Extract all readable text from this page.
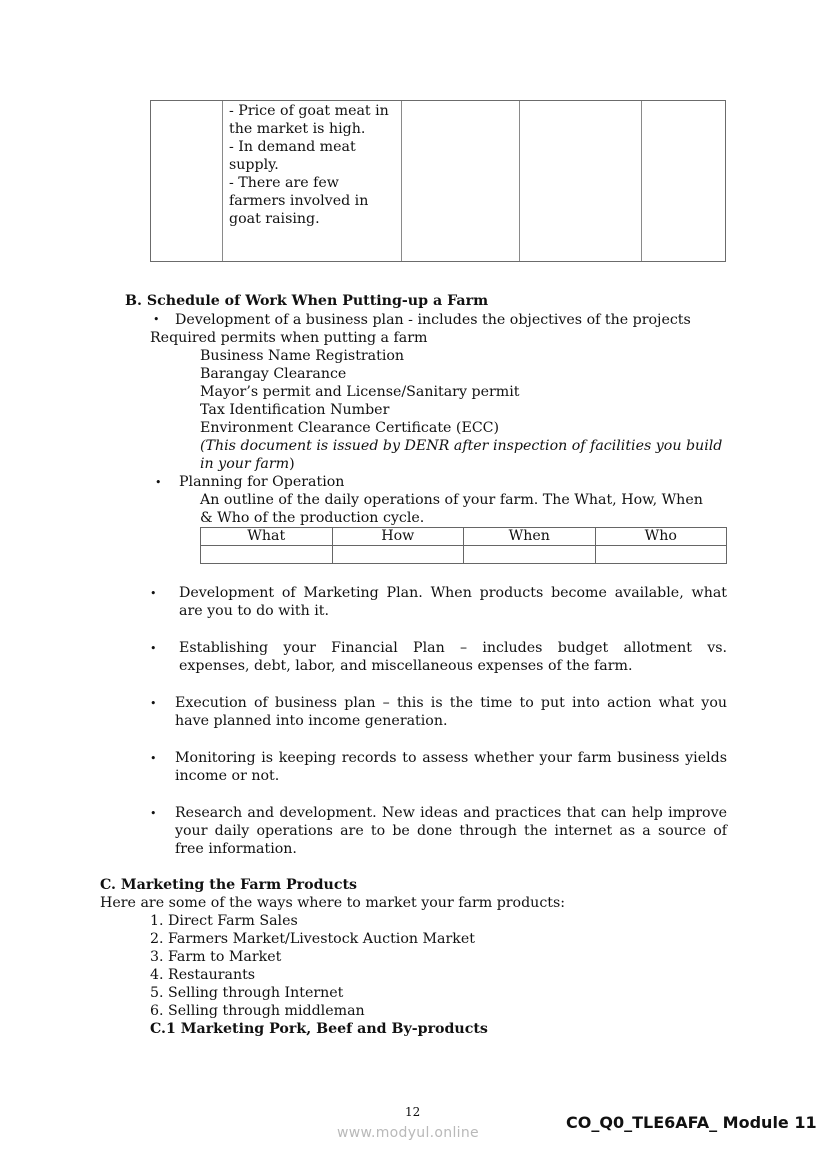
- Price of goat meat in
the market is high.
- In demand meat
supply.
- There are few
farmers involved in
goat raising.
B. Schedule of Work When Putting-up a Farm
• Development of a business plan - includes the objectives of the projects
Required permits when putting a farm
Business Name Registration
Barangay Clearance
Mayor’s permit and License/Sanitary permit
Tax Identification Number
Environment Clearance Certificate (ECC)
(This document is issued by DENR after inspection of facilities you build
in your farm)
• Planning for Operation
An outline of the daily operations of your farm. The What, How, When
& Who of the production cycle.
What	How	When	Who

• Development of Marketing Plan. When products become available, what
are you to do with it.
• Establishing your Financial Plan – includes budget allotment vs.
expenses, debt, labor, and miscellaneous expenses of the farm.
• Execution of business plan – this is the time to put into action what you
have planned into income generation.
• Monitoring is keeping records to assess whether your farm business yields
income or not.
• Research and development. New ideas and practices that can help improve
your daily operations are to be done through the internet as a source of
free information.
C. Marketing the Farm Products
Here are some of the ways where to market your farm products:
1. Direct Farm Sales
2. Farmers Market/Livestock Auction Market
3. Farm to Market
4. Restaurants
5. Selling through Internet
6. Selling through middleman
C.1 Marketing Pork, Beef and By-products
12
www.modyul.online
CO_Q0_TLE6AFA_ Module 11
